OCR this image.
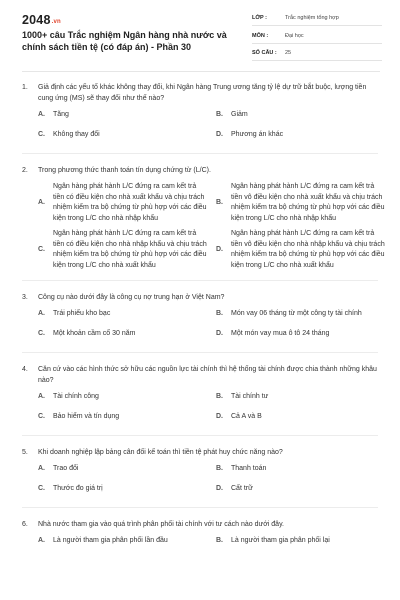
2048.vn
1000+ câu Trắc nghiệm Ngân hàng nhà nước và chính sách tiền tệ (có đáp án) - Phần 30
LỚP :	Trắc nghiệm tổng hợp
MÔN :	Đại học
SỐ CÂU :	25
1.	Giả định các yếu tố khác không thay đổi, khi Ngân hàng Trung ương tăng tỷ lệ dự trữ bắt buộc, lượng tiền cung ứng (MS) sẽ thay đổi như thế nào?
A.	Tăng	B.	Giảm
C.	Không thay đổi	D.	Phương án khác
2.	Trong phương thức thanh toán tín dụng chứng từ (L/C).
A.
Ngân hàng phát hành L/C đứng ra cam kết trả tiền có điều kiện cho nhà xuất khẩu và chịu trách nhiệm kiểm tra bộ chứng từ phù hợp với các điều kiện trong L/C cho nhà nhập khẩu
B.
Ngân hàng phát hành L/C đứng ra cam kết trả tiền vô điều kiện cho nhà xuất khẩu và chịu trách nhiệm kiểm tra bộ chứng từ phù hợp với các điều kiện trong L/C cho nhà nhập khẩu
C.
Ngân hàng phát hành L/C đứng ra cam kết trả tiền có điều kiện cho nhà nhập khẩu và chịu trách nhiệm kiểm tra bộ chứng từ phù hợp với các điều kiện trong L/C cho nhà xuất khẩu
D.
Ngân hàng phát hành L/C đứng ra cam kết trả tiền vô điều kiện cho nhà nhập khẩu và chịu trách nhiệm kiểm tra bộ chứng từ phù hợp với các điều kiện trong L/C cho nhà xuất khẩu
3.	Công cụ nào dưới đây là công cụ nợ trung hạn ở Việt Nam?
A.	Trái phiếu kho bạc	B.	Món vay 06 tháng từ một công ty tài chính
C.	Một khoản cầm cố 30 năm	D.	Một món vay mua ô tô 24 tháng
4.	Căn cứ vào các hình thức sở hữu các nguồn lực tài chính thì hệ thống tài chính được chia thành những khâu nào?
A.	Tài chính công	B.	Tài chính tư
C.	Bảo hiểm và tín dụng	D.	Cả A và B
5.	Khi doanh nghiệp lập bảng cân đối kế toán thì tiền tệ phát huy chức năng nào?
A.	Trao đổi	B.	Thanh toán
C.	Thước đo giá trị	D.	Cất trữ
6.	Nhà nước tham gia vào quá trình phân phối tài chính với tư cách nào dưới đây.
A.	Là người tham gia phân phối lần đầu	B.	Là người tham gia phân phối lại
